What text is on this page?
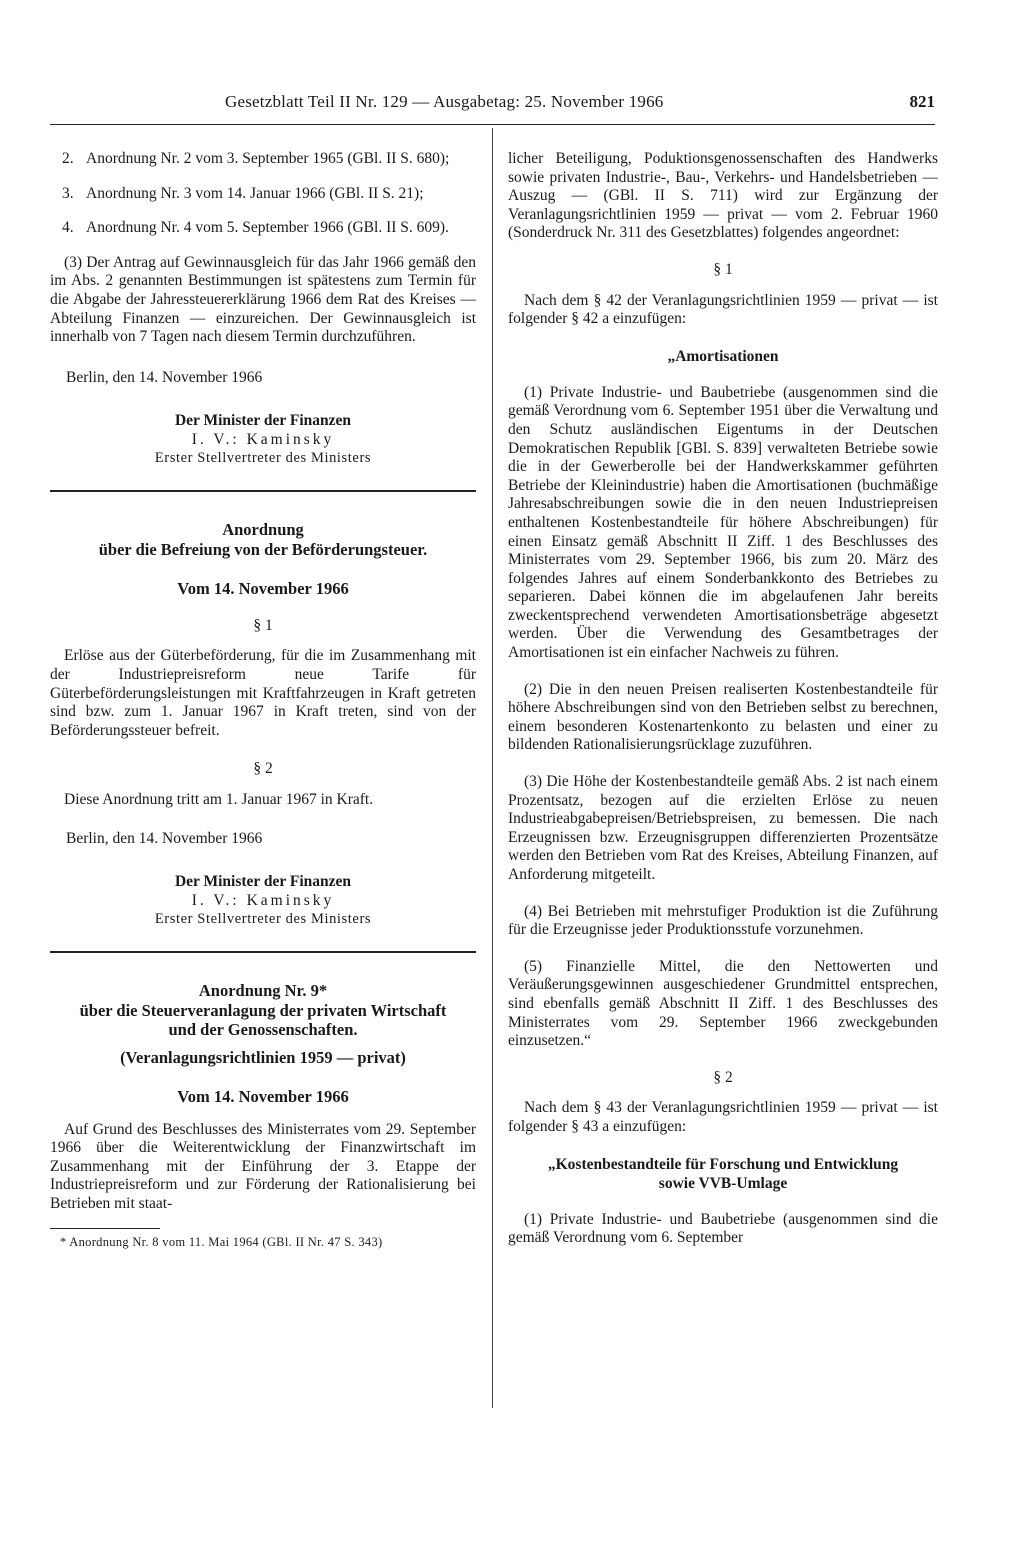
Gesetzblatt Teil II Nr. 129 — Ausgabetag: 25. November 1966	821
2. Anordnung Nr. 2 vom 3. September 1965 (GBl. II S. 680);
3. Anordnung Nr. 3 vom 14. Januar 1966 (GBl. II S. 21);
4. Anordnung Nr. 4 vom 5. September 1966 (GBl. II S. 609).

(3) Der Antrag auf Gewinnausgleich für das Jahr 1966 gemäß den im Abs. 2 genannten Bestimmungen ist spätestens zum Termin für die Abgabe der Jahressteuererklärung 1966 dem Rat des Kreises — Abteilung Finanzen — einzureichen. Der Gewinnausgleich ist innerhalb von 7 Tagen nach diesem Termin durchzuführen.

Berlin, den 14. November 1966

Der Minister der Finanzen
I. V.: Kaminsky
Erster Stellvertreter des Ministers
Anordnung
über die Befreiung von der Beförderungsteuer.
Vom 14. November 1966
§ 1

Erlöse aus der Güterbeförderung, für die im Zusammenhang mit der Industriepreisreform neue Tarife für Güterbeförderungsleistungen mit Kraftfahrzeugen in Kraft getreten sind bzw. zum 1. Januar 1967 in Kraft treten, sind von der Beförderungssteuer befreit.

§ 2

Diese Anordnung tritt am 1. Januar 1967 in Kraft.

Berlin, den 14. November 1966

Der Minister der Finanzen
I. V.: Kaminsky
Erster Stellvertreter des Ministers
Anordnung Nr. 9*
über die Steuerveranlagung der privaten Wirtschaft
und der Genossenschaften.
(Veranlagungsrichtlinien 1959 — privat)
Vom 14. November 1966

Auf Grund des Beschlusses des Ministerrates vom 29. September 1966 über die Weiterentwicklung der Finanzwirtschaft im Zusammenhang mit der Einführung der 3. Etappe der Industriepreisreform und zur Förderung der Rationalisierung bei Betrieben mit staat-

* Anordnung Nr. 8 vom 11. Mai 1964 (GBl. II Nr. 47 S. 343)

licher Beteiligung, Poduktionsgenossenschaften des Handwerks sowie privaten Industrie-, Bau-, Verkehrs- und Handelsbetrieben — Auszug — (GBl. II S. 711) wird zur Ergänzung der Veranlagungsrichtlinien 1959 — privat — vom 2. Februar 1960 (Sonderdruck Nr. 311 des Gesetzblattes) folgendes angeordnet:

§ 1

Nach dem § 42 der Veranlagungsrichtlinien 1959 — privat — ist folgender § 42 a einzufügen:

„Amortisationen

(1) Private Industrie- und Baubetriebe (ausgenommen sind die gemäß Verordnung vom 6. September 1951 über die Verwaltung und den Schutz ausländischen Eigentums in der Deutschen Demokratischen Republik [GBl. S. 839] verwalteten Betriebe sowie die in der Gewerberolle bei der Handwerkskammer geführten Betriebe der Kleinindustrie) haben die Amortisationen (buchmäßige Jahresabschreibungen sowie die in den neuen Industriepreisen enthaltenen Kostenbestandteile für höhere Abschreibungen) für einen Einsatz gemäß Abschnitt II Ziff. 1 des Beschlusses des Ministerrates vom 29. September 1966, bis zum 20. März des folgendes Jahres auf einem Sonderbankkonto des Betriebes zu separieren. Dabei können die im abgelaufenen Jahr bereits zweckentsprechend verwendeten Amortisationsbeträge abgesetzt werden. Über die Verwendung des Gesamtbetrages der Amortisationen ist ein einfacher Nachweis zu führen.

(2) Die in den neuen Preisen realiserten Kostenbestandteile für höhere Abschreibungen sind von den Betrieben selbst zu berechnen, einem besonderen Kostenartenkonto zu belasten und einer zu bildenden Rationalisierungsrücklage zuzuführen.

(3) Die Höhe der Kostenbestandteile gemäß Abs. 2 ist nach einem Prozentsatz, bezogen auf die erzielten Erlöse zu neuen Industrieabgabepreisen/Betriebspreisen, zu bemessen. Die nach Erzeugnissen bzw. Erzeugnisgruppen differenzierten Prozentsätze werden den Betrieben vom Rat des Kreises, Abteilung Finanzen, auf Anforderung mitgeteilt.

(4) Bei Betrieben mit mehrstufiger Produktion ist die Zuführung für die Erzeugnisse jeder Produktionsstufe vorzunehmen.

(5) Finanzielle Mittel, die den Nettowerten und Veräußerungsgewinnen ausgeschiedener Grundmittel entsprechen, sind ebenfalls gemäß Abschnitt II Ziff. 1 des Beschlusses des Ministerrates vom 29. September 1966 zweckgebunden einzusetzen.“

§ 2

Nach dem § 43 der Veranlagungsrichtlinien 1959 — privat — ist folgender § 43 a einzufügen:

„Kostenbestandteile für Forschung und Entwicklung
sowie VVB-Umlage

(1) Private Industrie- und Baubetriebe (ausgenommen sind die gemäß Verordnung vom 6. September
